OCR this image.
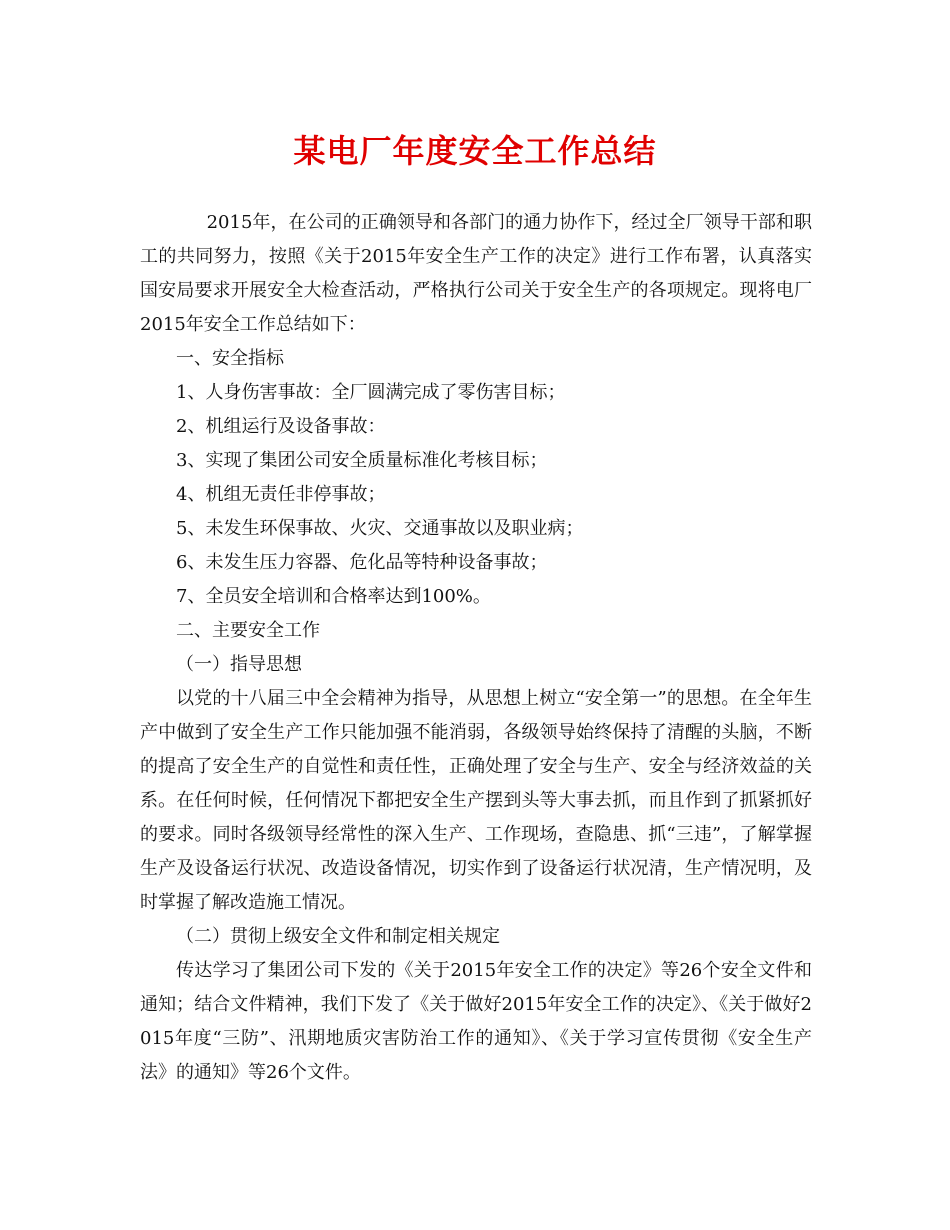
某电厂年度安全工作总结

2015年，在公司的正确领导和各部门的通力协作下，经过全厂领导干部和职工的共同努力，按照《关于2015年安全生产工作的决定》进行工作布署，认真落实国安局要求开展安全大检查活动，严格执行公司关于安全生产的各项规定。现将电厂2015年安全工作总结如下：

一、安全指标

1、人身伤害事故：全厂圆满完成了零伤害目标；

2、机组运行及设备事故：

3、实现了集团公司安全质量标准化考核目标；

4、机组无责任非停事故；

5、未发生环保事故、火灾、交通事故以及职业病；

6、未发生压力容器、危化品等特种设备事故；

7、全员安全培训和合格率达到100%。

二、主要安全工作

（一）指导思想

以党的十八届三中全会精神为指导，从思想上树立“安全第一”的思想。在全年生产中做到了安全生产工作只能加强不能消弱，各级领导始终保持了清醒的头脑，不断的提高了安全生产的自觉性和责任性，正确处理了安全与生产、安全与经济效益的关系。在任何时候，任何情况下都把安全生产摆到头等大事去抓，而且作到了抓紧抓好的要求。同时各级领导经常性的深入生产、工作现场，查隐患、抓“三违”，了解掌握生产及设备运行状况、改造设备情况，切实作到了设备运行状况清，生产情况明，及时掌握了解改造施工情况。

（二）贯彻上级安全文件和制定相关规定

传达学习了集团公司下发的《关于2015年安全工作的决定》等26个安全文件和通知；结合文件精神，我们下发了《关于做好2015年安全工作的决定》、《关于做好2015年度“三防”、汛期地质灾害防治工作的通知》、《关于学习宣传贯彻《安全生产法》的通知》等26个文件。
